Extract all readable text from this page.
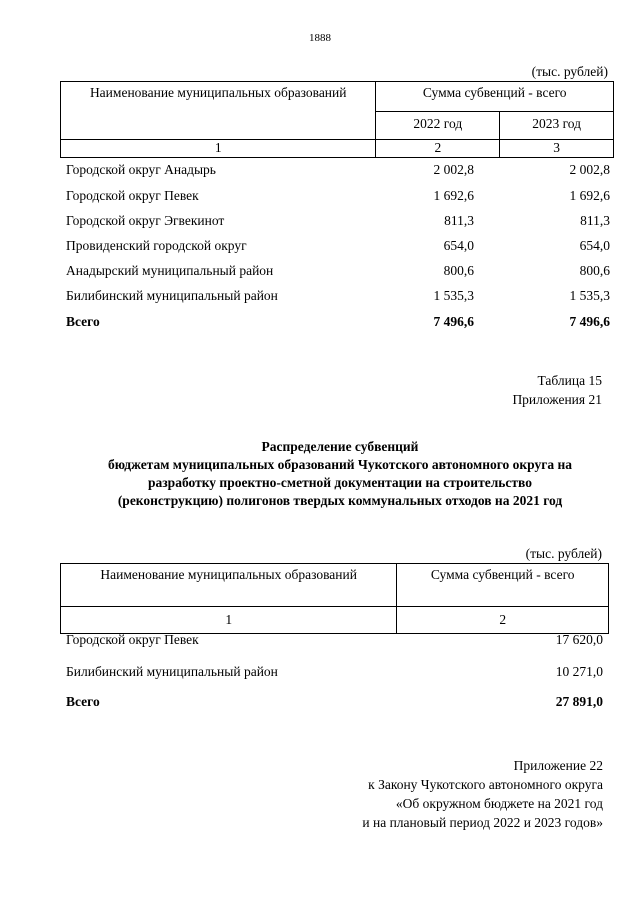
1888
(тыс. рублей)
Наименование муниципальных образований	Сумма субвенций - всего	
	2022 год	2023 год
1	2	3
Городской округ Анадырь	2 002,8	2 002,8
Городской округ Певек	1 692,6	1 692,6
Городской округ Эгвекинот	811,3	811,3
Провиденский городской округ	654,0	654,0
Анадырский муниципальный район	800,6	800,6
Билибинский муниципальный район	1 535,3	1 535,3
Всего	7 496,6	7 496,6
Таблица 15
Приложения 21
Распределение субвенций
бюджетам муниципальных образований Чукотского автономного округа на
разработку проектно-сметной документации на строительство
(реконструкцию) полигонов твердых коммунальных отходов на 2021 год
(тыс. рублей)
Наименование муниципальных образований	Сумма субвенций - всего
1	2
Городской округ Певек	17 620,0
Билибинский муниципальный район	10 271,0
Всего	27 891,0
Приложение 22
к Закону Чукотского автономного округа
«Об окружном бюджете на 2021 год
и на плановый период 2022 и 2023 годов»
